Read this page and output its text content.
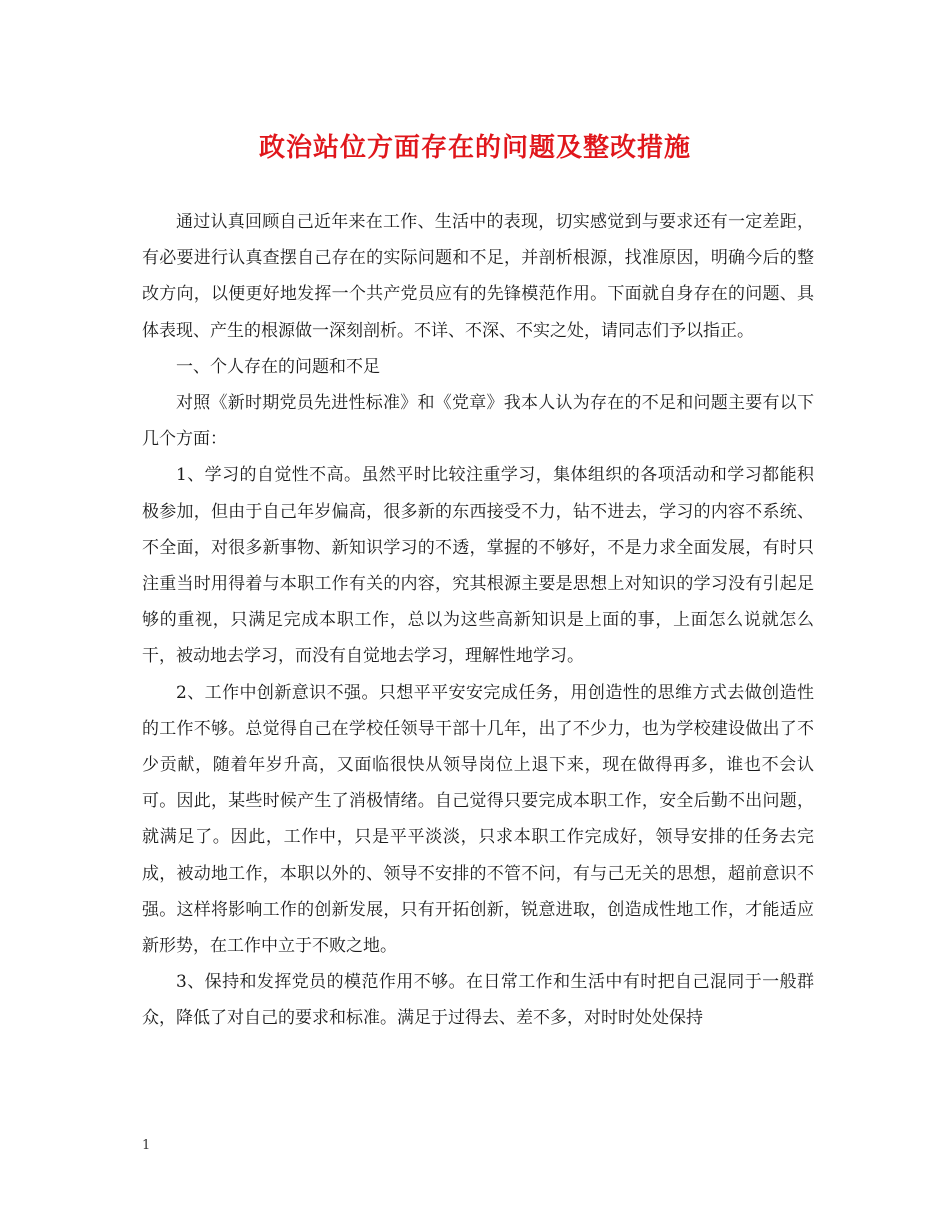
政治站位方面存在的问题及整改措施

通过认真回顾自己近年来在工作、生活中的表现，切实感觉到与要求还有一定差距，有必要进行认真查摆自己存在的实际问题和不足，并剖析根源，找准原因，明确今后的整改方向，以便更好地发挥一个共产党员应有的先锋模范作用。下面就自身存在的问题、具体表现、产生的根源做一深刻剖析。不详、不深、不实之处，请同志们予以指正。

一、个人存在的问题和不足

对照《新时期党员先进性标准》和《党章》我本人认为存在的不足和问题主要有以下几个方面：

1、学习的自觉性不高。虽然平时比较注重学习，集体组织的各项活动和学习都能积极参加，但由于自己年岁偏高，很多新的东西接受不力，钻不进去，学习的内容不系统、不全面，对很多新事物、新知识学习的不透，掌握的不够好，不是力求全面发展，有时只注重当时用得着与本职工作有关的内容，究其根源主要是思想上对知识的学习没有引起足够的重视，只满足完成本职工作，总以为这些高新知识是上面的事，上面怎么说就怎么干，被动地去学习，而没有自觉地去学习，理解性地学习。

2、工作中创新意识不强。只想平平安安完成任务，用创造性的思维方式去做创造性的工作不够。总觉得自己在学校任领导干部十几年，出了不少力，也为学校建设做出了不少贡献，随着年岁升高，又面临很快从领导岗位上退下来，现在做得再多，谁也不会认可。因此，某些时候产生了消极情绪。自己觉得只要完成本职工作，安全后勤不出问题，就满足了。因此，工作中，只是平平淡淡，只求本职工作完成好，领导安排的任务去完成，被动地工作，本职以外的、领导不安排的不管不问，有与己无关的思想，超前意识不强。这样将影响工作的创新发展，只有开拓创新，锐意进取，创造成性地工作，才能适应新形势，在工作中立于不败之地。

3、保持和发挥党员的模范作用不够。在日常工作和生活中有时把自己混同于一般群众，降低了对自己的要求和标准。满足于过得去、差不多，对时时处处保持

1
